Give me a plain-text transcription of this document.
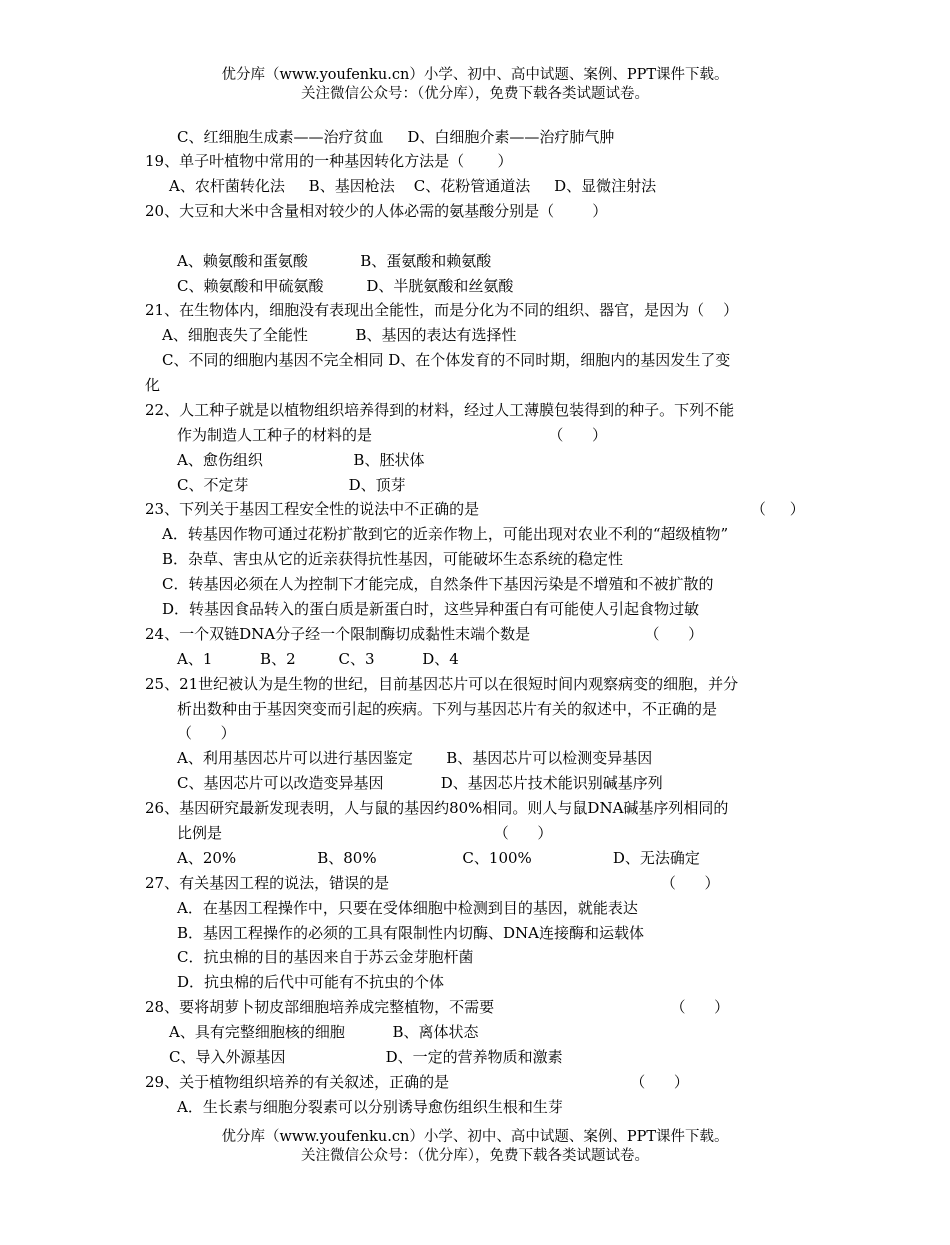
优分库（www.youfenku.cn）小学、初中、高中试题、案例、PPT课件下载。
关注微信公众号：（优分库），免费下载各类试题试卷。
C、红细胞生成素——治疗贫血     D、白细胞介素——治疗肺气肿
19、单子叶植物中常用的一种基因转化方法是（       ）
A、农杆菌转化法     B、基因枪法    C、花粉管通道法     D、显微注射法
20、大豆和大米中含量相对较少的人体必需的氨基酸分别是（        ）
A、赖氨酸和蛋氨酸           B、蛋氨酸和赖氨酸
C、赖氨酸和甲硫氨酸         D、半胱氨酸和丝氨酸
21、在生物体内，细胞没有表现出全能性，而是分化为不同的组织、器官，是因为（    ）
A、细胞丧失了全能性          B、基因的表达有选择性
C、不同的细胞内基因不完全相同 D、在个体发育的不同时期，细胞内的基因发生了变
化
22、人工种子就是以植物组织培养得到的材料，经过人工薄膜包装得到的种子。下列不能
作为制造人工种子的材料的是                                     （      ）
A、愈伤组织                   B、胚状体
C、不定芽                     D、顶芽
23、下列关于基因工程安全性的说法中不正确的是                                                         （     ）
A．转基因作物可通过花粉扩散到它的近亲作物上，可能出现对农业不利的“超级植物”
B．杂草、害虫从它的近亲获得抗性基因，可能破坏生态系统的稳定性
C．转基因必须在人为控制下才能完成，自然条件下基因污染是不增殖和不被扩散的
D．转基因食品转入的蛋白质是新蛋白时，这些异种蛋白有可能使人引起食物过敏
24、一个双链DNA分子经一个限制酶切成黏性末端个数是                        （      ）
A、1          B、2         C、3          D、4
25、21世纪被认为是生物的世纪，目前基因芯片可以在很短时间内观察病变的细胞，并分
析出数种由于基因突变而引起的疾病。下列与基因芯片有关的叙述中，不正确的是
（      ）
A、利用基因芯片可以进行基因鉴定       B、基因芯片可以检测变异基因
C、基因芯片可以改造变异基因            D、基因芯片技术能识别碱基序列
26、基因研究最新发现表明，人与鼠的基因约80%相同。则人与鼠DNA碱基序列相同的
比例是                                                         （      ）
A、20%                 B、80%                  C、100%                 D、无法确定
27、有关基因工程的说法，错误的是                                                         （      ）
A．在基因工程操作中，只要在受体细胞中检测到目的基因，就能表达
B．基因工程操作的必须的工具有限制性内切酶、DNA连接酶和运载体
C．抗虫棉的目的基因来自于苏云金芽胞杆菌
D．抗虫棉的后代中可能有不抗虫的个体
28、要将胡萝卜韧皮部细胞培养成完整植物，不需要                                     （      ）
A、具有完整细胞核的细胞          B、离体状态
C、导入外源基因                     D、一定的营养物质和激素
29、关于植物组织培养的有关叙述，正确的是                                      （      ）
A．生长素与细胞分裂素可以分别诱导愈伤组织生根和生芽
优分库（www.youfenku.cn）小学、初中、高中试题、案例、PPT课件下载。
关注微信公众号：（优分库），免费下载各类试题试卷。
